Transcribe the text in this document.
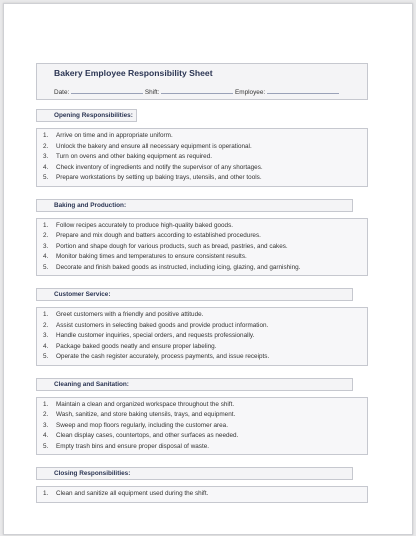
Bakery Employee Responsibility Sheet
Date:	Shift:	Employee:
Opening Responsibilities:
1. Arrive on time and in appropriate uniform.
2. Unlock the bakery and ensure all necessary equipment is operational.
3. Turn on ovens and other baking equipment as required.
4. Check inventory of ingredients and notify the supervisor of any shortages.
5. Prepare workstations by setting up baking trays, utensils, and other tools.
Baking and Production:
1. Follow recipes accurately to produce high-quality baked goods.
2. Prepare and mix dough and batters according to established procedures.
3. Portion and shape dough for various products, such as bread, pastries, and cakes.
4. Monitor baking times and temperatures to ensure consistent results.
5. Decorate and finish baked goods as instructed, including icing, glazing, and garnishing.
Customer Service:
1. Greet customers with a friendly and positive attitude.
2. Assist customers in selecting baked goods and provide product information.
3. Handle customer inquiries, special orders, and requests professionally.
4. Package baked goods neatly and ensure proper labeling.
5. Operate the cash register accurately, process payments, and issue receipts.
Cleaning and Sanitation:
1. Maintain a clean and organized workspace throughout the shift.
2. Wash, sanitize, and store baking utensils, trays, and equipment.
3. Sweep and mop floors regularly, including the customer area.
4. Clean display cases, countertops, and other surfaces as needed.
5. Empty trash bins and ensure proper disposal of waste.
Closing Responsibilities:
1. Clean and sanitize all equipment used during the shift.
